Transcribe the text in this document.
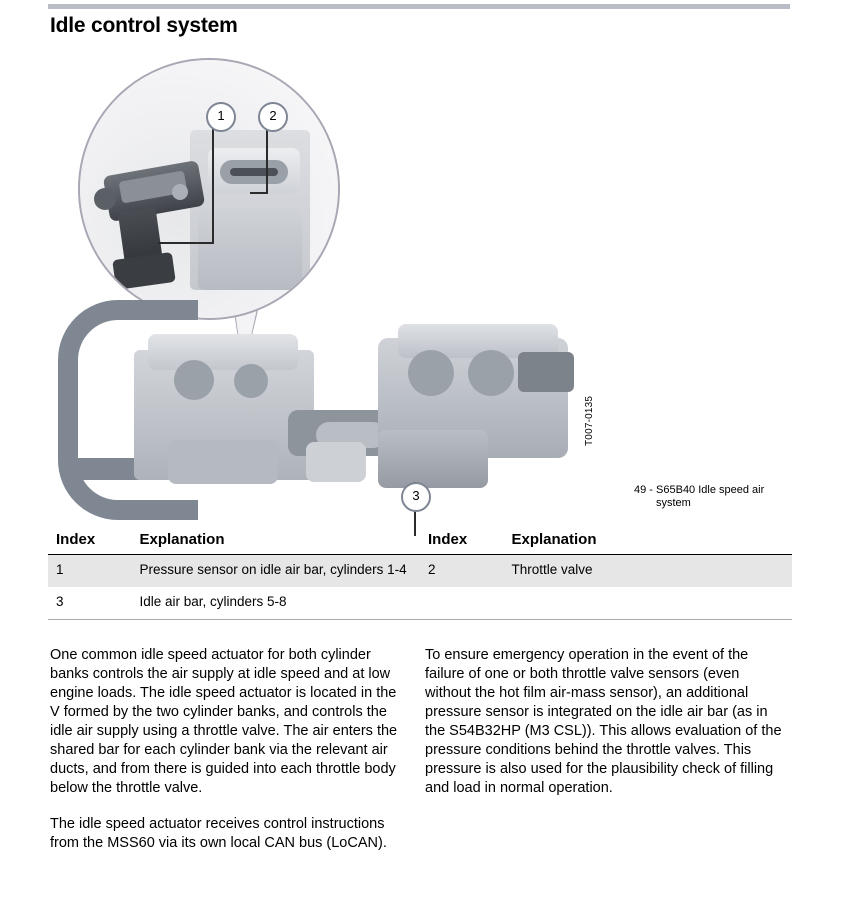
Idle control system
1	2
3
T007-0135
49 - S65B40 Idle speed air
system
Index	Explanation	Index	Explanation
1	Pressure sensor on idle air bar, cylinders 1-4	2	Throttle valve
3	Idle air bar, cylinders 5-8		

One common idle speed actuator for both cylinder banks controls the air supply at idle speed and at low engine loads. The idle speed actuator is located in the V formed by the two cylinder banks, and controls the idle air supply using a throttle valve. The air enters the shared bar for each cylinder bank via the relevant air ducts, and from there is guided into each throttle body below the throttle valve.

The idle speed actuator receives control instructions from the MSS60 via its own local CAN bus (LoCAN).

To ensure emergency operation in the event of the failure of one or both throttle valve sensors (even without the hot film air-mass sensor), an additional pressure sensor is integrated on the idle air bar (as in the S54B32HP (M3 CSL)). This allows evaluation of the pressure conditions behind the throttle valves. This pressure is also used for the plausibility check of filling and load in normal operation.
